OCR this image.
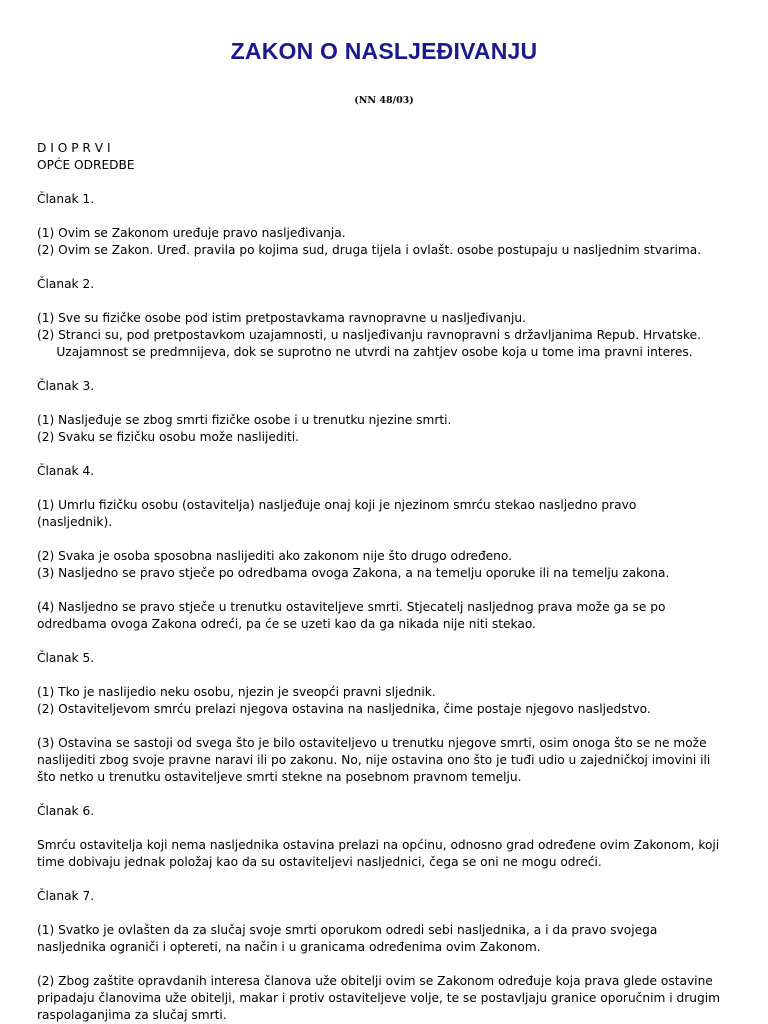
ZAKON O NASLJEĐIVANJU
(NN 48/03)
D I O P R V I
OPĆE ODREDBE
Članak 1.
(1) Ovim se Zakonom uređuje pravo nasljeđivanja.
(2) Ovim se Zakon. Uređ. pravila po kojima sud, druga tijela i ovlašt. osobe postupaju u nasljednim stvarima.
Članak 2.
(1) Sve su fizičke osobe pod istim pretpostavkama ravnopravne u nasljeđivanju.
(2) Stranci su, pod pretpostavkom uzajamnosti, u nasljeđivanju ravnopravni s državljanima Repub. Hrvatske.
Uzajamnost se predmnijeva, dok se suprotno ne utvrdi na zahtjev osobe koja u tome ima pravni interes.
Članak 3.
(1) Nasljeđuje se zbog smrti fizičke osobe i u trenutku njezine smrti.
(2) Svaku se fizičku osobu može naslijediti.
Članak 4.
(1) Umrlu fizičku osobu (ostavitelja) nasljeđuje onaj koji je njezinom smrću stekao nasljedno pravo
(nasljednik).
(2) Svaka je osoba sposobna naslijediti ako zakonom nije što drugo određeno.
(3) Nasljedno se pravo stječe po odredbama ovoga Zakona, a na temelju oporuke ili na temelju zakona.
(4) Nasljedno se pravo stječe u trenutku ostaviteljeve smrti. Stjecatelj nasljednog prava može ga se po
odredbama ovoga Zakona odreći, pa će se uzeti kao da ga nikada nije niti stekao.
Članak 5.
(1) Tko je naslijedio neku osobu, njezin je sveopći pravni sljednik.
(2) Ostaviteljevom smrću prelazi njegova ostavina na nasljednika, čime postaje njegovo nasljedstvo.
(3) Ostavina se sastoji od svega što je bilo ostaviteljevo u trenutku njegove smrti, osim onoga što se ne može
naslijediti zbog svoje pravne naravi ili po zakonu. No, nije ostavina ono što je tuđi udio u zajedničkoj imovini ili
što netko u trenutku ostaviteljeve smrti stekne na posebnom pravnom temelju.
Članak 6.
Smrću ostavitelja koji nema nasljednika ostavina prelazi na općinu, odnosno grad određene ovim Zakonom, koji
time dobivaju jednak položaj kao da su ostaviteljevi nasljednici, čega se oni ne mogu odreći.
Članak 7.
(1) Svatko je ovlašten da za slučaj svoje smrti oporukom odredi sebi nasljednika, a i da pravo svojega
nasljednika ograniči i optereti, na način i u granicama određenima ovim Zakonom.
(2) Zbog zaštite opravdanih interesa članova uže obitelji ovim se Zakonom određuje koja prava glede ostavine
pripadaju članovima uže obitelji, makar i protiv ostaviteljeve volje, te se postavljaju granice oporučnim i drugim
raspolaganjima za slučaj smrti.
